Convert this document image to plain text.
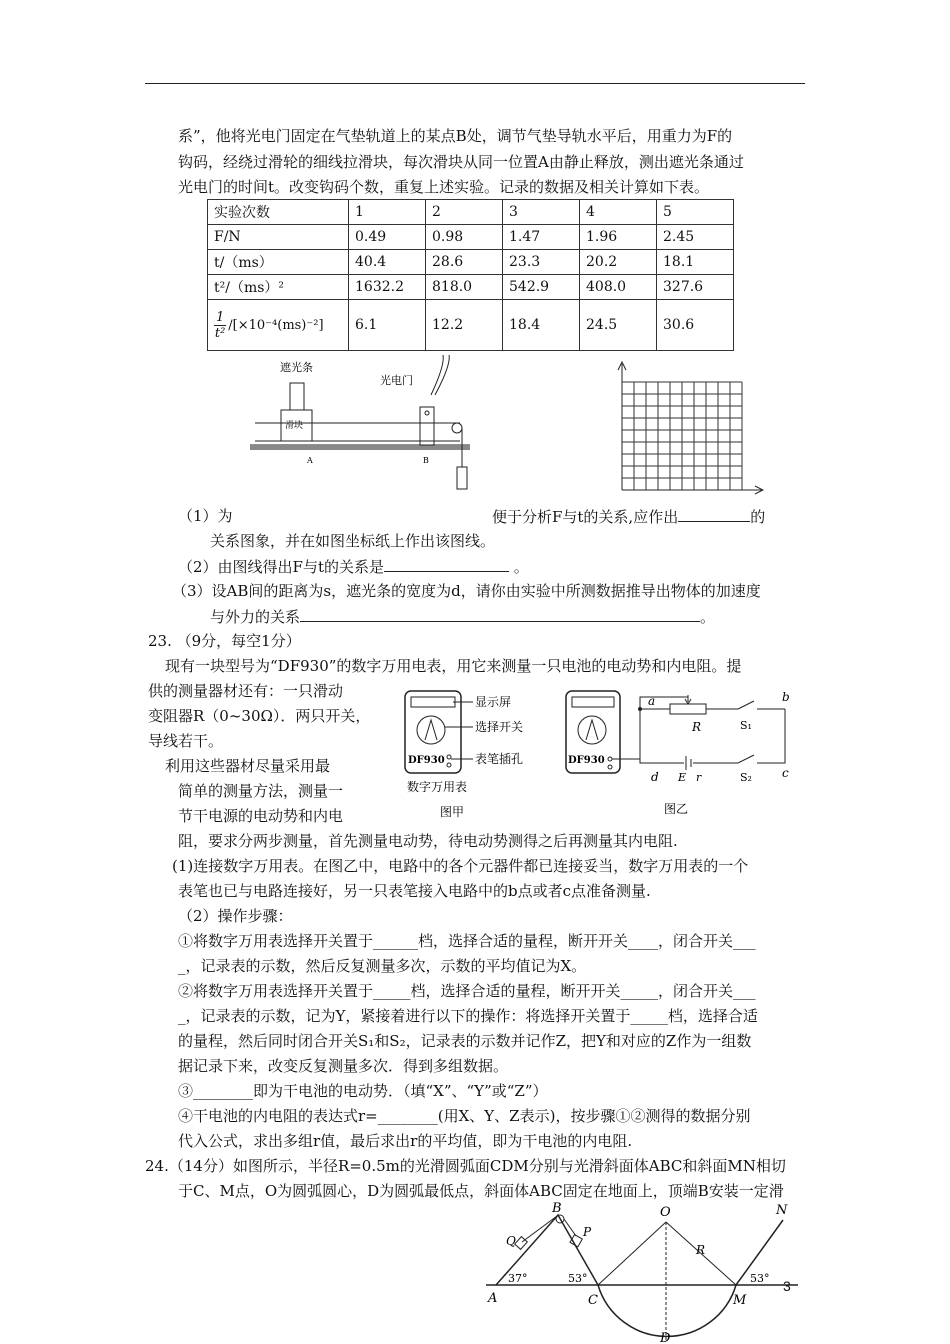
系”，他将光电门固定在气垫轨道上的某点B处，调节气垫导轨水平后，用重力为F的
钩码，经绕过滑轮的细线拉滑块，每次滑块从同一位置A由静止释放，测出遮光条通过
光电门的时间t。改变钩码个数，重复上述实验。记录的数据及相关计算如下表。
实验次数	1	2	3	4	5
F/N	0.49	0.98	1.47	1.96	2.45
t/（ms）	40.4	28.6	23.3	20.2	18.1
t²/（ms）²	1632.2	818.0	542.9	408.0	327.6

$\frac{1}{\text{t²}} /[\times 10^{-4}(ms)^{-2}]$	6.1	12.2	18.4	24.5	30.6
遮光条
光电门
滑块
A	B
（1）为	便于分析F与t的关系,应作出	的
关系图象，并在如图坐标纸上作出该图线。
（2）由图线得出F与t的关系是	。
（3）设AB间的距离为s，遮光条的宽度为d，请你由实验中所测数据推导出物体的加速度
与外力的关系	。
23. （9分，每空1分）
现有一块型号为“DF930”的数字万用电表，用它来测量一只电池的电动势和内电阻。提
供的测量器材还有：一只滑动
变阻器R（0~30Ω）．两只开关，
导线若干。
利用这些器材尽量采用最
简单的测量方法，测量一
节干电源的电动势和内电
阻，要求分两步测量，首先测量电动势，待电动势测得之后再测量其内电阻.
(1)连接数字万用表。在图乙中，电路中的各个元器件都已连接妥当，数字万用表的一个
表笔也已与电路连接好，另一只表笔接入电路中的b点或者c点准备测量.
（2）操作步骤：
①将数字万用表选择开关置于______档，选择合适的量程，断开开关____，闭合开关___
_，记录表的示数，然后反复测量多次，示数的平均值记为X。
②将数字万用表选择开关置于_____档，选择合适的量程，断开开关_____，闭合开关___
_，记录表的示数，记为Y，紧接着进行以下的操作：将选择开关置于_____档，选择合适
的量程，然后同时闭合开关S₁和S₂，记录表的示数并记作Z，把Y和对应的Z作为一组数
据记录下来，改变反复测量多次．得到多组数据。
③________即为干电池的电动势．（填“X”、“Y”或“Z”）
④干电池的内电阻的表达式r=________(用X、Y、Z表示)，按步骤①②测得的数据分别
代入公式，求出多组r值，最后求出r的平均值，即为干电池的内电阻.
DF930
显示屏
选择开关
表笔插孔
数字万用表
图甲
DF930
a	b
c
d
R	S₁
S₂
E r
图乙
24.（14分）如图所示，半径R=0.5m的光滑圆弧面CDM分别与光滑斜面体ABC和斜面MN相切
于C、M点，O为圆弧圆心，D为圆弧最低点，斜面体ABC固定在地面上，顶端B安装一定滑
A
B
C
D
M
N
O
Q
P
R
37°	53°	53° 3
